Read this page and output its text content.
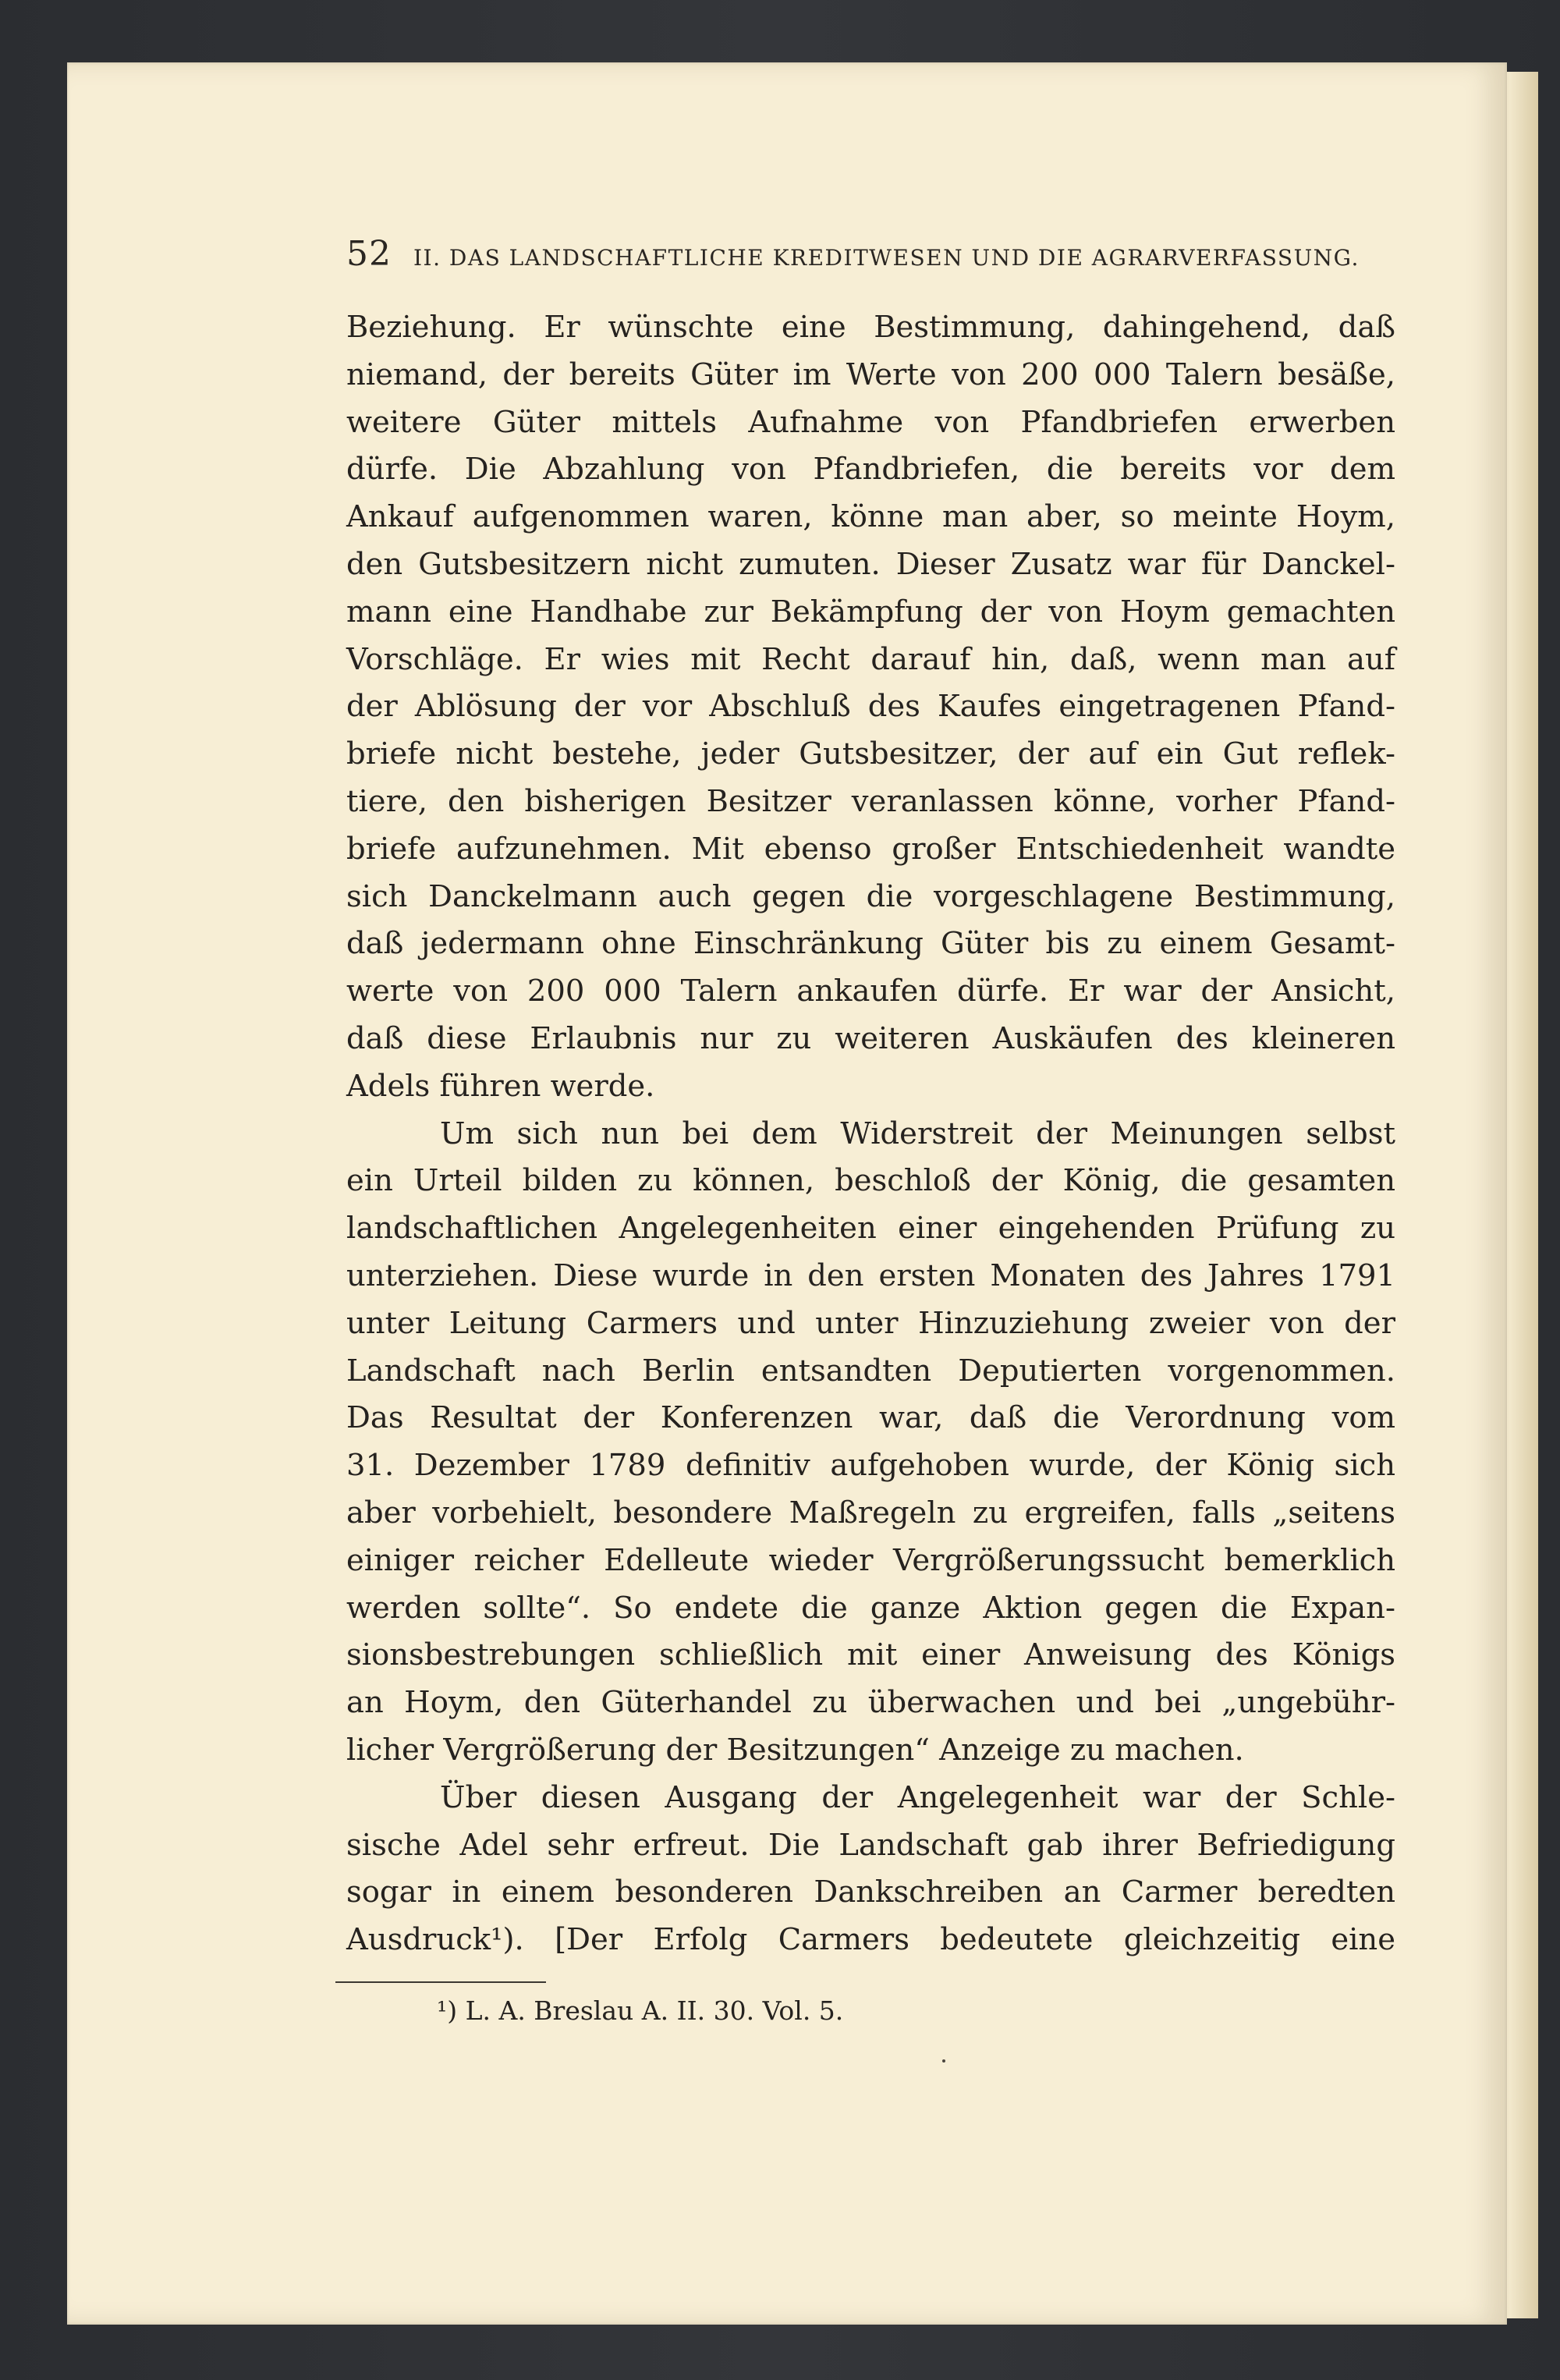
52 II. DAS LANDSCHAFTLICHE KREDITWESEN UND DIE AGRARVERFASSUNG.
Beziehung. Er wünschte eine Bestimmung, dahingehend, daß
niemand, der bereits Güter im Werte von 200 000 Talern besäße,
weitere Güter mittels Aufnahme von Pfandbriefen erwerben
dürfe. Die Abzahlung von Pfandbriefen, die bereits vor dem
Ankauf aufgenommen waren, könne man aber, so meinte Hoym,
den Gutsbesitzern nicht zumuten. Dieser Zusatz war für Danckel-
mann eine Handhabe zur Bekämpfung der von Hoym gemachten
Vorschläge. Er wies mit Recht darauf hin, daß, wenn man auf
der Ablösung der vor Abschluß des Kaufes eingetragenen Pfand-
briefe nicht bestehe, jeder Gutsbesitzer, der auf ein Gut reflek-
tiere, den bisherigen Besitzer veranlassen könne, vorher Pfand-
briefe aufzunehmen. Mit ebenso großer Entschiedenheit wandte
sich Danckelmann auch gegen die vorgeschlagene Bestimmung,
daß jedermann ohne Einschränkung Güter bis zu einem Gesamt-
werte von 200 000 Talern ankaufen dürfe. Er war der Ansicht,
daß diese Erlaubnis nur zu weiteren Auskäufen des kleineren
Adels führen werde.
Um sich nun bei dem Widerstreit der Meinungen selbst
ein Urteil bilden zu können, beschloß der König, die gesamten
landschaftlichen Angelegenheiten einer eingehenden Prüfung zu
unterziehen. Diese wurde in den ersten Monaten des Jahres 1791
unter Leitung Carmers und unter Hinzuziehung zweier von der
Landschaft nach Berlin entsandten Deputierten vorgenommen.
Das Resultat der Konferenzen war, daß die Verordnung vom
31. Dezember 1789 definitiv aufgehoben wurde, der König sich
aber vorbehielt, besondere Maßregeln zu ergreifen, falls „seitens
einiger reicher Edelleute wieder Vergrößerungssucht bemerklich
werden sollte“. So endete die ganze Aktion gegen die Expan-
sionsbestrebungen schließlich mit einer Anweisung des Königs
an Hoym, den Güterhandel zu überwachen und bei „ungebühr-
licher Vergrößerung der Besitzungen“ Anzeige zu machen.
Über diesen Ausgang der Angelegenheit war der Schle-
sische Adel sehr erfreut. Die Landschaft gab ihrer Befriedigung
sogar in einem besonderen Dankschreiben an Carmer beredten
Ausdruck¹). [Der Erfolg Carmers bedeutete gleichzeitig eine
¹) L. A. Breslau A. II. 30. Vol. 5.
